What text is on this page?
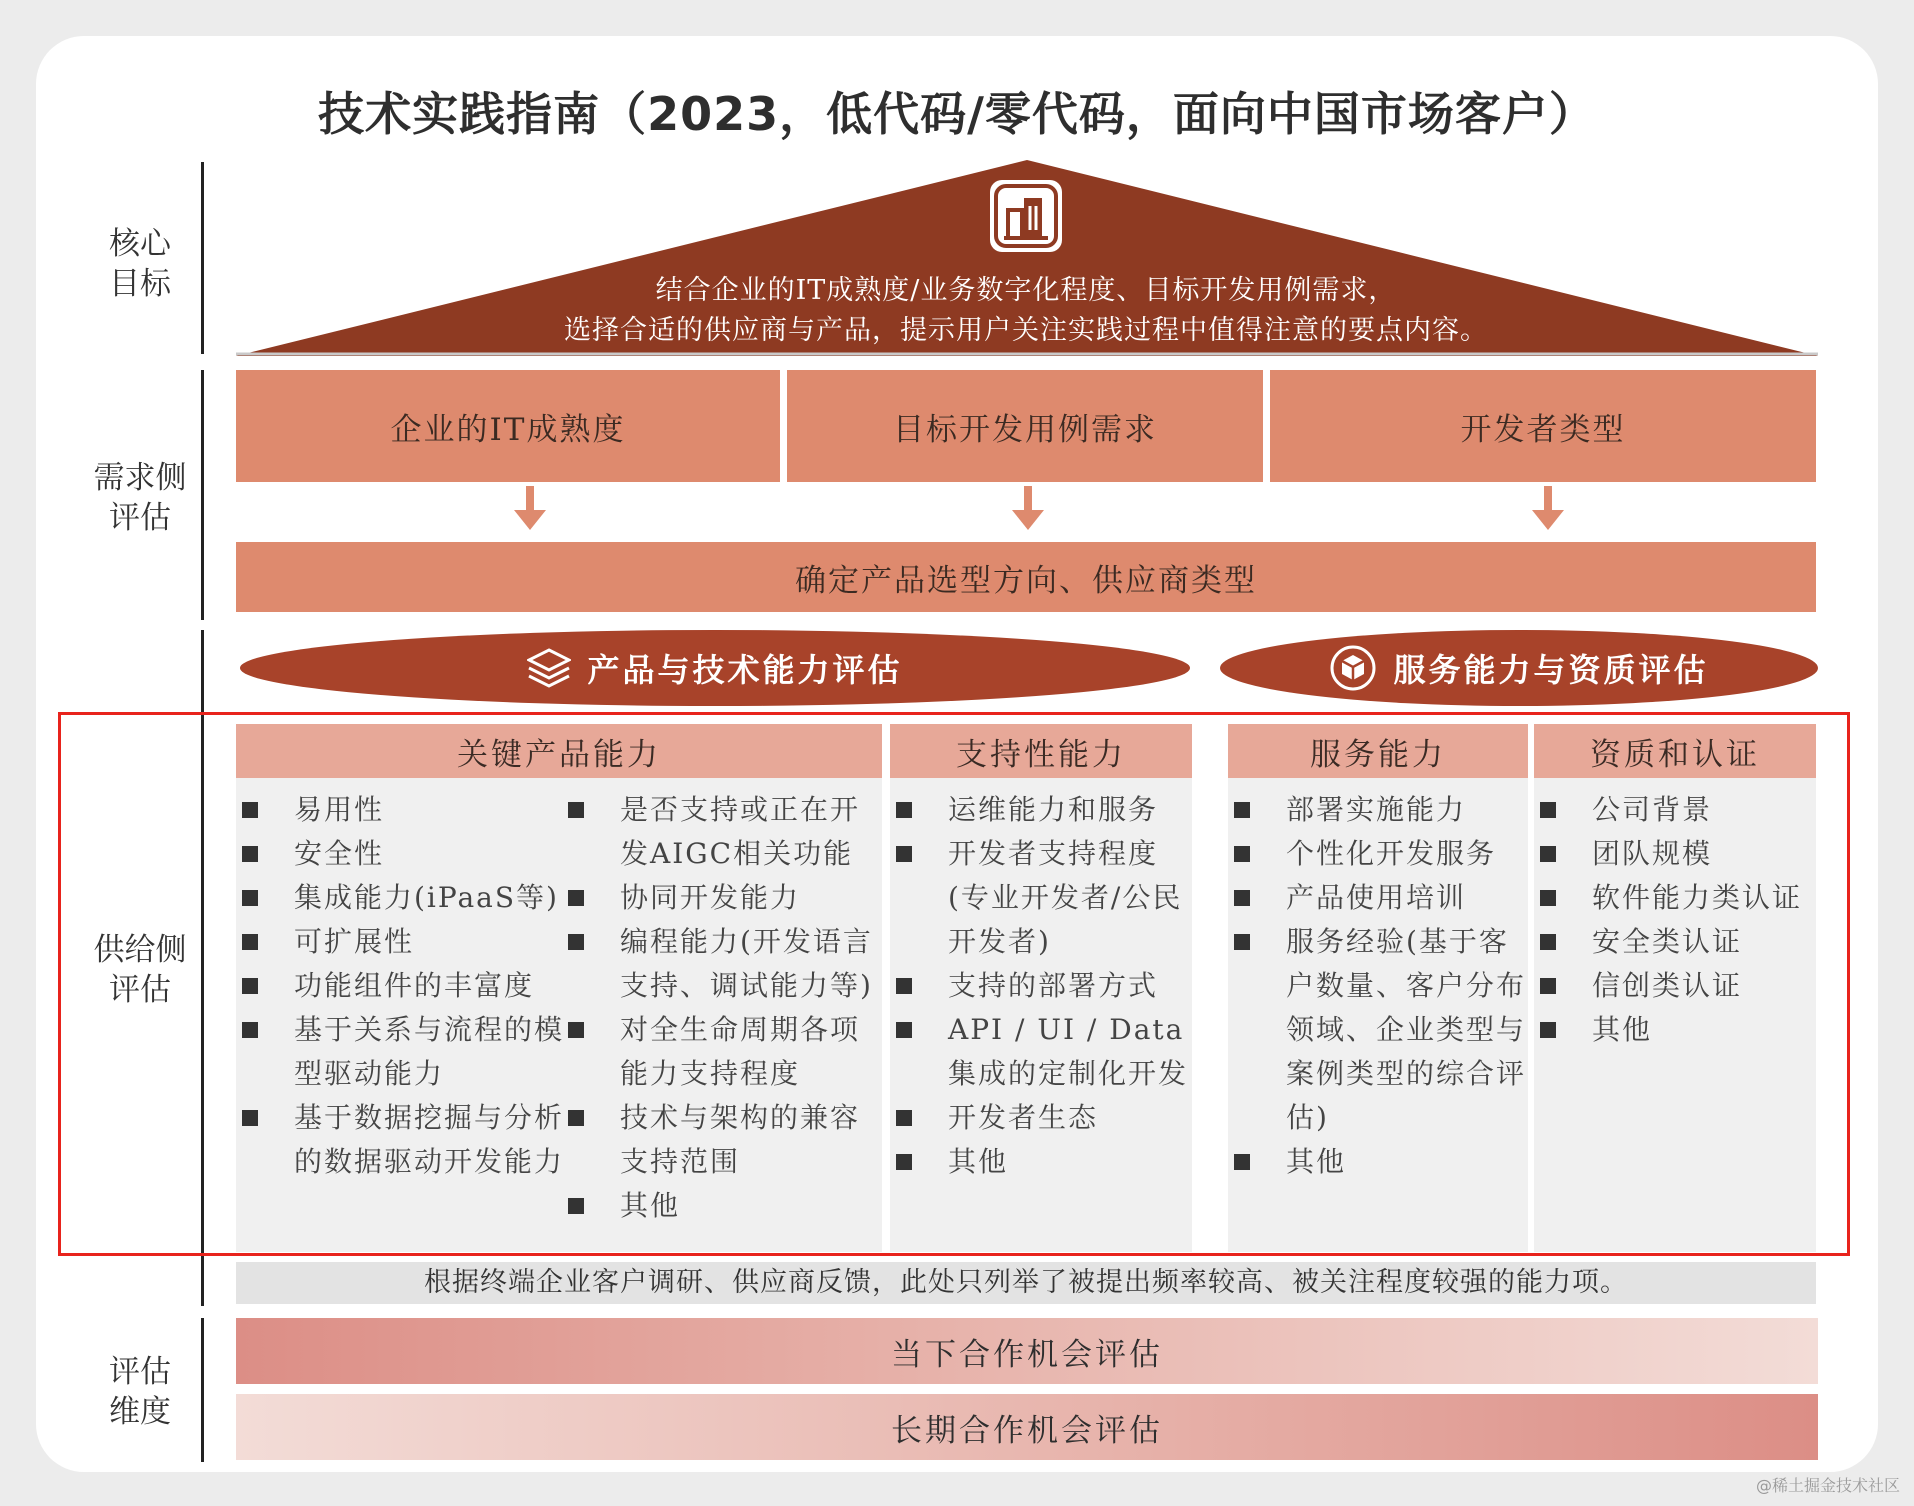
技术实践指南（2023，低代码/零代码，面向中国市场客户）
核心
目标
需求侧
评估
供给侧
评估
评估
维度
结合企业的IT成熟度/业务数字化程度、目标开发用例需求，
选择合适的供应商与产品，提示用户关注实践过程中值得注意的要点内容。
企业的IT成熟度	目标开发用例需求	开发者类型
确定产品选型方向、供应商类型
产品与技术能力评估	服务能力与资质评估
关键产品能力	支持性能力	服务能力	资质和认证
易用性
安全性
集成能力(iPaaS等)
可扩展性
功能组件的丰富度
基于关系与流程的模型驱动能力
基于数据挖掘与分析的数据驱动开发能力
是否支持或正在开发AIGC相关功能
协同开发能力
编程能力(开发语言支持、调试能力等)
对全生命周期各项能力支持程度
技术与架构的兼容支持范围
其他
运维能力和服务
开发者支持程度(专业开发者/公民开发者)
支持的部署方式
API / UI / Data集成的定制化开发
开发者生态
其他
部署实施能力
个性化开发服务
产品使用培训
服务经验(基于客户数量、客户分布领域、企业类型与案例类型的综合评估)
其他
公司背景
团队规模
软件能力类认证
安全类认证
信创类认证
其他
根据终端企业客户调研、供应商反馈，此处只列举了被提出频率较高、被关注程度较强的能力项。
当下合作机会评估
长期合作机会评估
@稀土掘金技术社区
